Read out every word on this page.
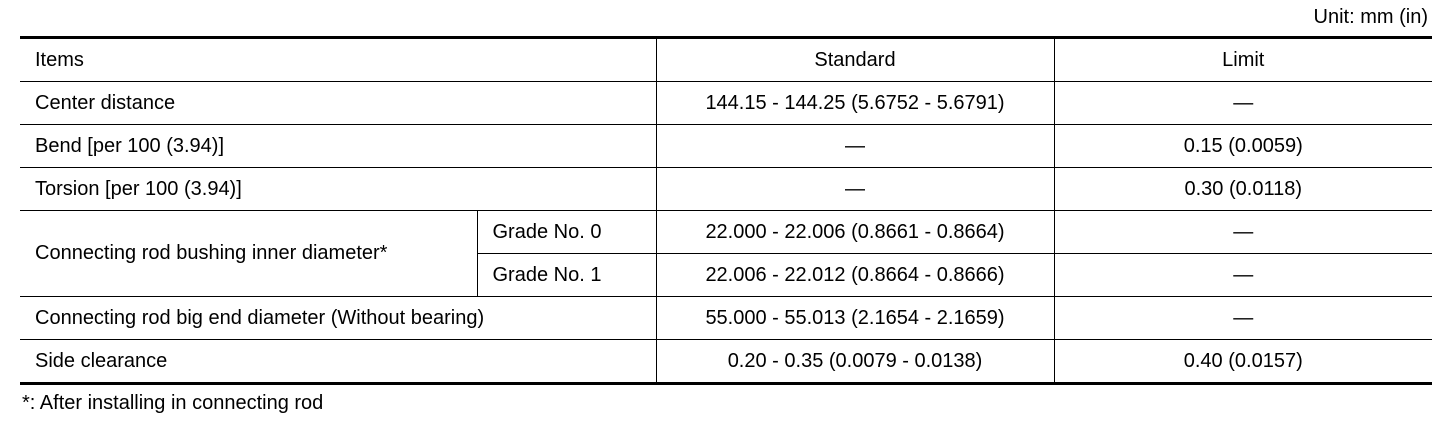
Unit: mm (in)
Items		Standard	Limit
Center distance		144.15 - 144.25 (5.6752 - 5.6791)	—
Bend [per 100 (3.94)]		—	0.15 (0.0059)
Torsion [per 100 (3.94)]		—	0.30 (0.0118)
Connecting rod bushing inner diameter*	Grade No. 0	22.000 - 22.006 (0.8661 - 0.8664)	—
	Grade No. 1	22.006 - 22.012 (0.8664 - 0.8666)	—
Connecting rod big end diameter (Without bearing)		55.000 - 55.013 (2.1654 - 2.1659)	—
Side clearance		0.20 - 0.35 (0.0079 - 0.0138)	0.40 (0.0157)
*: After installing in connecting rod
